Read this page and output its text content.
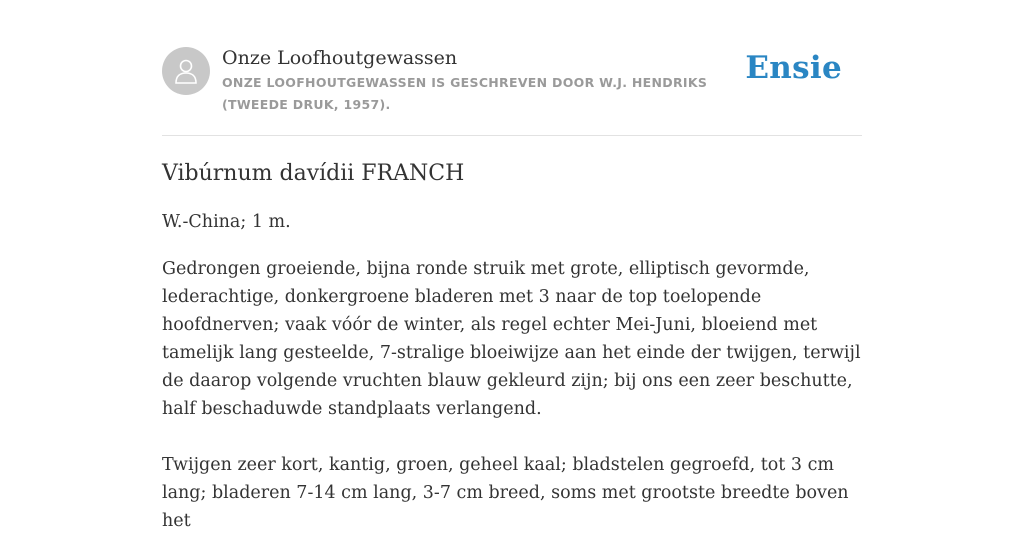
Onze Loofhoutgewassen
ONZE LOOFHOUTGEWASSEN IS GESCHREVEN DOOR W.J. HENDRIKS (TWEEDE DRUK, 1957).
Ensie
Vibúrnum davídii FRANCH

W.-China; 1 m.

Gedrongen groeiende, bijna ronde struik met grote, elliptisch gevormde, lederachtige, donkergroene bladeren met 3 naar de top toelopende hoofdnerven; vaak vóór de winter, als regel echter Mei-Juni, bloeiend met tamelijk lang gesteelde, 7-stralige bloeiwijze aan het einde der twijgen, terwijl de daarop volgende vruchten blauw gekleurd zijn; bij ons een zeer beschutte, half beschaduwde standplaats verlangend.

Twijgen zeer kort, kantig, groen, geheel kaal; bladstelen gegroefd, tot 3 cm lang; bladeren 7-14 cm lang, 3-7 cm breed, soms met grootste breedte boven het
